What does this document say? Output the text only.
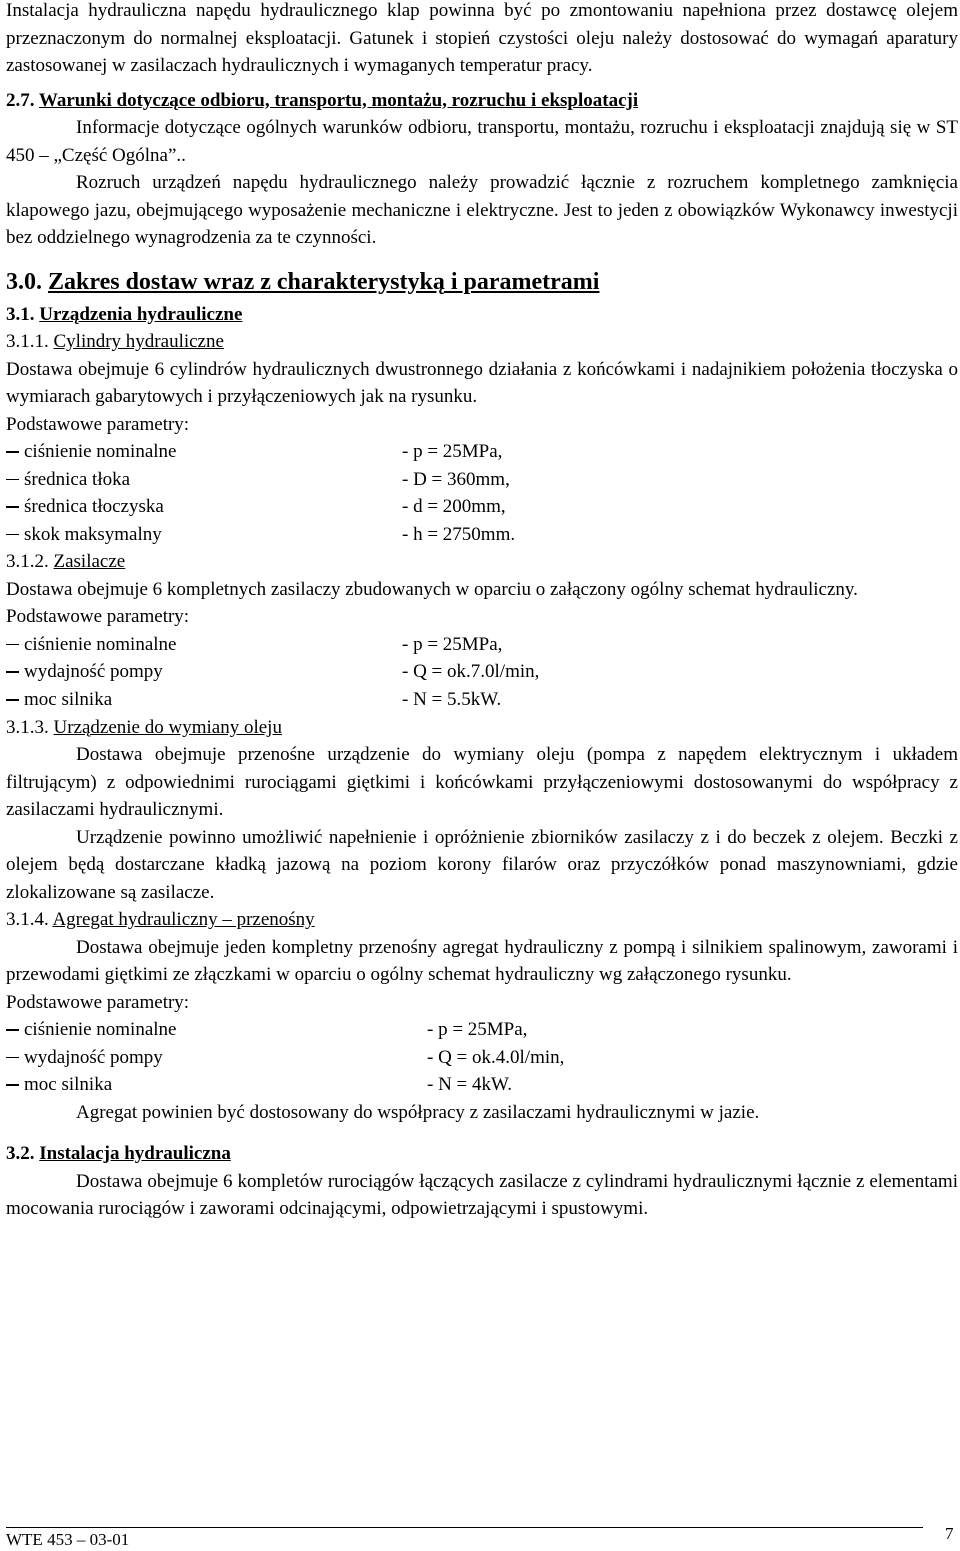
Instalacja hydrauliczna napędu hydraulicznego klap powinna być po zmontowaniu napełniona przez dostawcę olejem przeznaczonym do normalnej eksploatacji. Gatunek i stopień czystości oleju należy dostosować do wymagań aparatury zastosowanej w zasilaczach hydraulicznych i wymaganych temperatur pracy.

2.7. Warunki dotyczące odbioru, transportu, montażu, rozruchu i eksploatacji

Informacje dotyczące ogólnych warunków odbioru, transportu, montażu, rozruchu i eksploatacji znajdują się w ST 450 – „Część Ogólna”..

Rozruch urządzeń napędu hydraulicznego należy prowadzić łącznie z rozruchem kompletnego zamknięcia klapowego jazu, obejmującego wyposażenie mechaniczne i elektryczne. Jest to jeden z obowiązków Wykonawcy inwestycji bez oddzielnego wynagrodzenia za te czynności.

3.0. Zakres dostaw wraz z charakterystyką i parametrami
3.1. Urządzenia hydrauliczne
3.1.1. Cylindry hydrauliczne

Dostawa obejmuje 6 cylindrów hydraulicznych dwustronnego działania z końcówkami i nadajnikiem położenia tłoczyska o wymiarach gabarytowych i przyłączeniowych jak na rysunku.

Podstawowe parametry:
ciśnienie nominalne	- p = 25MPa,
średnica tłoka	- D = 360mm,
średnica tłoczyska	- d = 200mm,
skok maksymalny	- h = 2750mm.
3.1.2. Zasilacze

Dostawa obejmuje 6 kompletnych zasilaczy zbudowanych w oparciu o załączony ogólny schemat hydrauliczny.

Podstawowe parametry:
ciśnienie nominalne	- p = 25MPa,
wydajność pompy	- Q = ok.7.0l/min,
moc silnika	- N = 5.5kW.
3.1.3. Urządzenie do wymiany oleju

Dostawa obejmuje przenośne urządzenie do wymiany oleju (pompa z napędem elektrycznym i układem filtrującym) z odpowiednimi rurociągami giętkimi i końcówkami przyłączeniowymi dostosowanymi do współpracy z zasilaczami hydraulicznymi.

Urządzenie powinno umożliwić napełnienie i opróżnienie zbiorników zasilaczy z i do beczek z olejem. Beczki z olejem będą dostarczane kładką jazową na poziom korony filarów oraz przyczółków ponad maszynowniami, gdzie zlokalizowane są zasilacze.

3.1.4. Agregat hydrauliczny – przenośny

Dostawa obejmuje jeden kompletny przenośny agregat hydrauliczny z pompą i silnikiem spalinowym, zaworami i przewodami giętkimi ze złączkami w oparciu o ogólny schemat hydrauliczny wg załączonego rysunku.

Podstawowe parametry:
ciśnienie nominalne	- p = 25MPa,
wydajność pompy	- Q = ok.4.0l/min,
moc silnika	- N = 4kW.

Agregat powinien być dostosowany do współpracy z zasilaczami hydraulicznymi w jazie.

3.2. Instalacja hydrauliczna

Dostawa obejmuje 6 kompletów rurociągów łączących zasilacze z cylindrami hydraulicznymi łącznie z elementami mocowania rurociągów i zaworami odcinającymi, odpowietrzającymi i spustowymi.

WTE 453 – 03-01	7
